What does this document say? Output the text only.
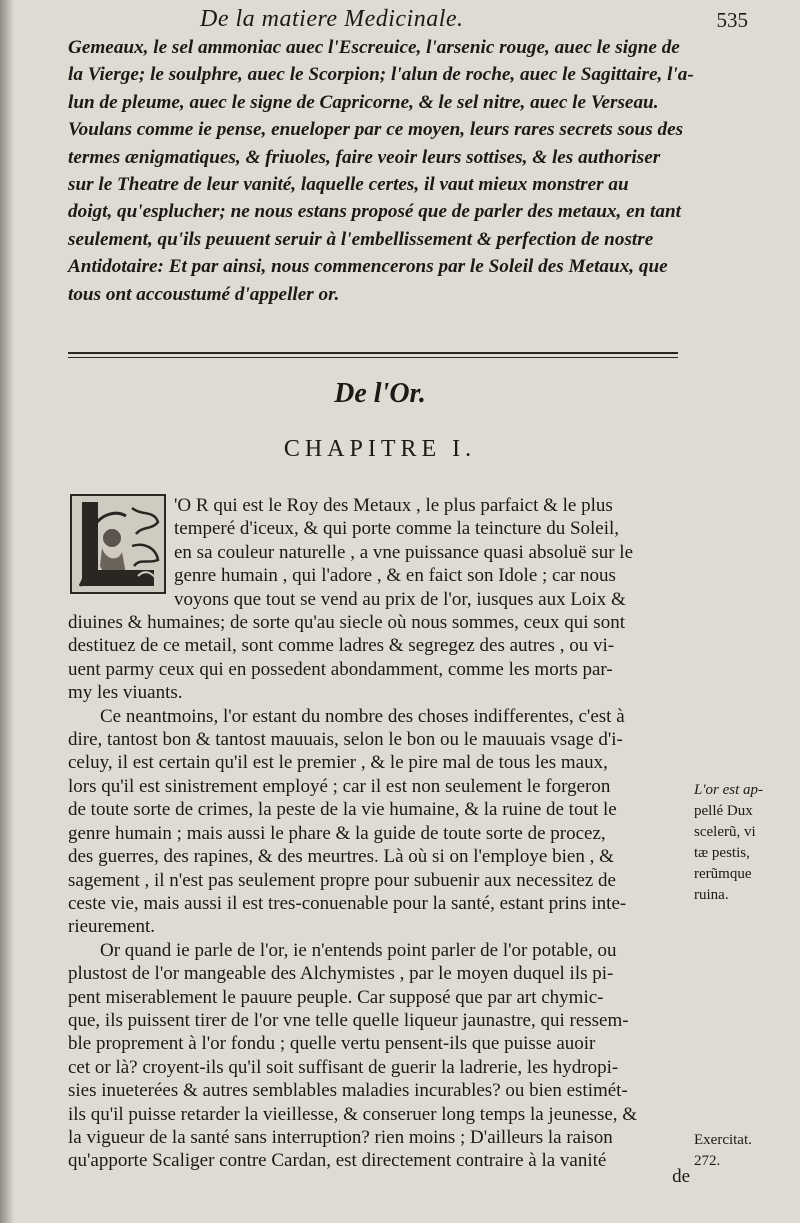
De la matiere Medicinale.	535
Gemeaux, le sel ammoniac auec l'Escreuice, l'arsenic rouge, auec le signe de
la Vierge; le soulphre, auec le Scorpion; l'alun de roche, auec le Sagittaire, l'a-
lun de pleume, auec le signe de Capricorne, & le sel nitre, auec le Verseau.
Voulans comme ie pense, enueloper par ce moyen, leurs rares secrets sous des
termes ænigmatiques, & friuoles, faire veoir leurs sottises, & les authoriser
sur le Theatre de leur vanité, laquelle certes, il vaut mieux monstrer au
doigt, qu'esplucher; ne nous estans proposé que de parler des metaux, en tant
seulement, qu'ils peuuent seruir à l'embellissement & perfection de nostre
Antidotaire: Et par ainsi, nous commencerons par le Soleil des Metaux, que
tous ont accoustumé d'appeller or.
De l'Or.
CHAPITRE I.
'O R qui est le Roy des Metaux , le plus parfaict & le plus
temperé d'iceux, & qui porte comme la teincture du Soleil,
en sa couleur naturelle , a vne puissance quasi absoluë sur le
genre humain , qui l'adore , & en faict son Idole ; car nous
voyons que tout se vend au prix de l'or, iusques aux Loix &
diuines & humaines; de sorte qu'au siecle où nous sommes, ceux qui sont
destituez de ce metail, sont comme ladres & segregez des autres , ou vi-
uent parmy ceux qui en possedent abondamment, comme les morts par-
my les viuants.
Ce neantmoins, l'or estant du nombre des choses indifferentes, c'est à
dire, tantost bon & tantost mauuais, selon le bon ou le mauuais vsage d'i-
celuy, il est certain qu'il est le premier , & le pire mal de tous les maux,
lors qu'il est sinistrement employé ; car il est non seulement le forgeron
de toute sorte de crimes, la peste de la vie humaine, & la ruine de tout le
genre humain ; mais aussi le phare & la guide de toute sorte de procez,
des guerres, des rapines, & des meurtres. Là où si on l'employe bien , &
sagement , il n'est pas seulement propre pour subuenir aux necessitez de
ceste vie, mais aussi il est tres-conuenable pour la santé, estant prins inte-
rieurement.
Or quand ie parle de l'or, ie n'entends point parler de l'or potable, ou
plustost de l'or mangeable des Alchymistes , par le moyen duquel ils pi-
pent miserablement le pauure peuple. Car supposé que par art chymic-
que, ils puissent tirer de l'or vne telle quelle liqueur jaunastre, qui ressem-
ble proprement à l'or fondu ; quelle vertu pensent-ils que puisse auoir
cet or là? croyent-ils qu'il soit suffisant de guerir la ladrerie, les hydropi-
sies inueterées & autres semblables maladies incurables? ou bien estimét-
ils qu'il puisse retarder la vieillesse, & conseruer long temps la jeunesse, &
la vigueur de la santé sans interruption? rien moins ; D'ailleurs la raison
qu'apporte Scaliger contre Cardan, est directement contraire à la vanité
L'or est ap-
pellé Dux
scelerũ, vi
tæ pestis,
rerũmque
ruina.
Exercitat.
272.
de
